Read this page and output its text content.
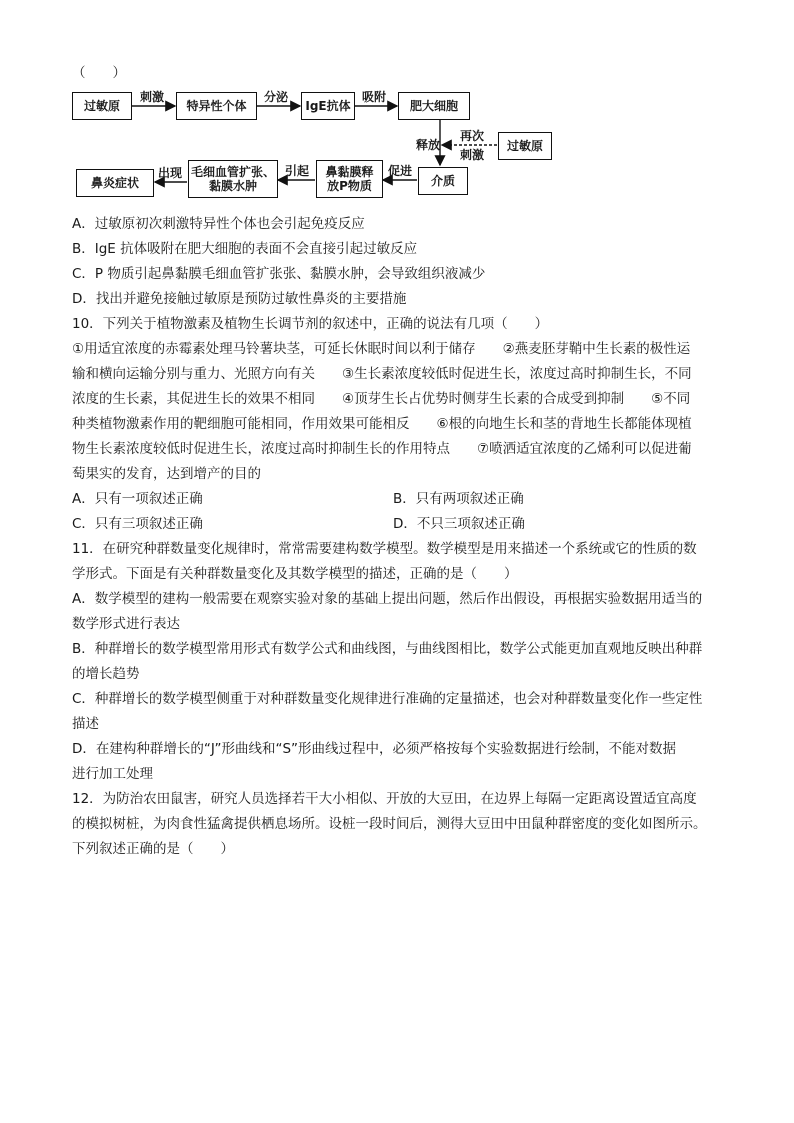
（　　）
过敏原
刺激
特异性个体
分泌
IgE抗体
吸附
肥大细胞
释放
再次
刺激
过敏原
介质
促进
鼻黏膜释
放P物质
引起
毛细血管扩张、
黏膜水肿
出现
鼻炎症状
A．过敏原初次刺激特异性个体也会引起免疫反应
B．IgE 抗体吸附在肥大细胞的表面不会直接引起过敏反应
C．P 物质引起鼻黏膜毛细血管扩张张、黏膜水肿，会导致组织液减少
D．找出并避免接触过敏原是预防过敏性鼻炎的主要措施
10．下列关于植物激素及植物生长调节剂的叙述中，正确的说法有几项（　　）
①用适宜浓度的赤霉素处理马铃薯块茎，可延长休眠时间以利于储存　　②燕麦胚芽鞘中生长素的极性运
输和横向运输分别与重力、光照方向有关　　③生长素浓度较低时促进生长，浓度过高时抑制生长，不同
浓度的生长素，其促进生长的效果不相同　　④顶芽生长占优势时侧芽生长素的合成受到抑制　　⑤不同
种类植物激素作用的靶细胞可能相同，作用效果可能相反　　⑥根的向地生长和茎的背地生长都能体现植
物生长素浓度较低时促进生长，浓度过高时抑制生长的作用特点　　⑦喷洒适宜浓度的乙烯利可以促进葡
萄果实的发育，达到增产的目的
A．只有一项叙述正确	B．只有两项叙述正确
C．只有三项叙述正确	D．不只三项叙述正确
11．在研究种群数量变化规律时，常常需要建构数学模型。数学模型是用来描述一个系统或它的性质的数
学形式。下面是有关种群数量变化及其数学模型的描述，正确的是（　　）
A．数学模型的建构一般需要在观察实验对象的基础上提出问题，然后作出假设，再根据实验数据用适当的
数学形式进行表达
B．种群增长的数学模型常用形式有数学公式和曲线图，与曲线图相比，数学公式能更加直观地反映出种群
的增长趋势
C．种群增长的数学模型侧重于对种群数量变化规律进行准确的定量描述，也会对种群数量变化作一些定性
描述
D．在建构种群增长的“J”形曲线和“S”形曲线过程中，必须严格按每个实验数据进行绘制，不能对数据
进行加工处理
12．为防治农田鼠害，研究人员选择若干大小相似、开放的大豆田，在边界上每隔一定距离设置适宜高度
的模拟树桩，为肉食性猛禽提供栖息场所。设桩一段时间后，测得大豆田中田鼠种群密度的变化如图所示。
下列叙述正确的是（　　）
